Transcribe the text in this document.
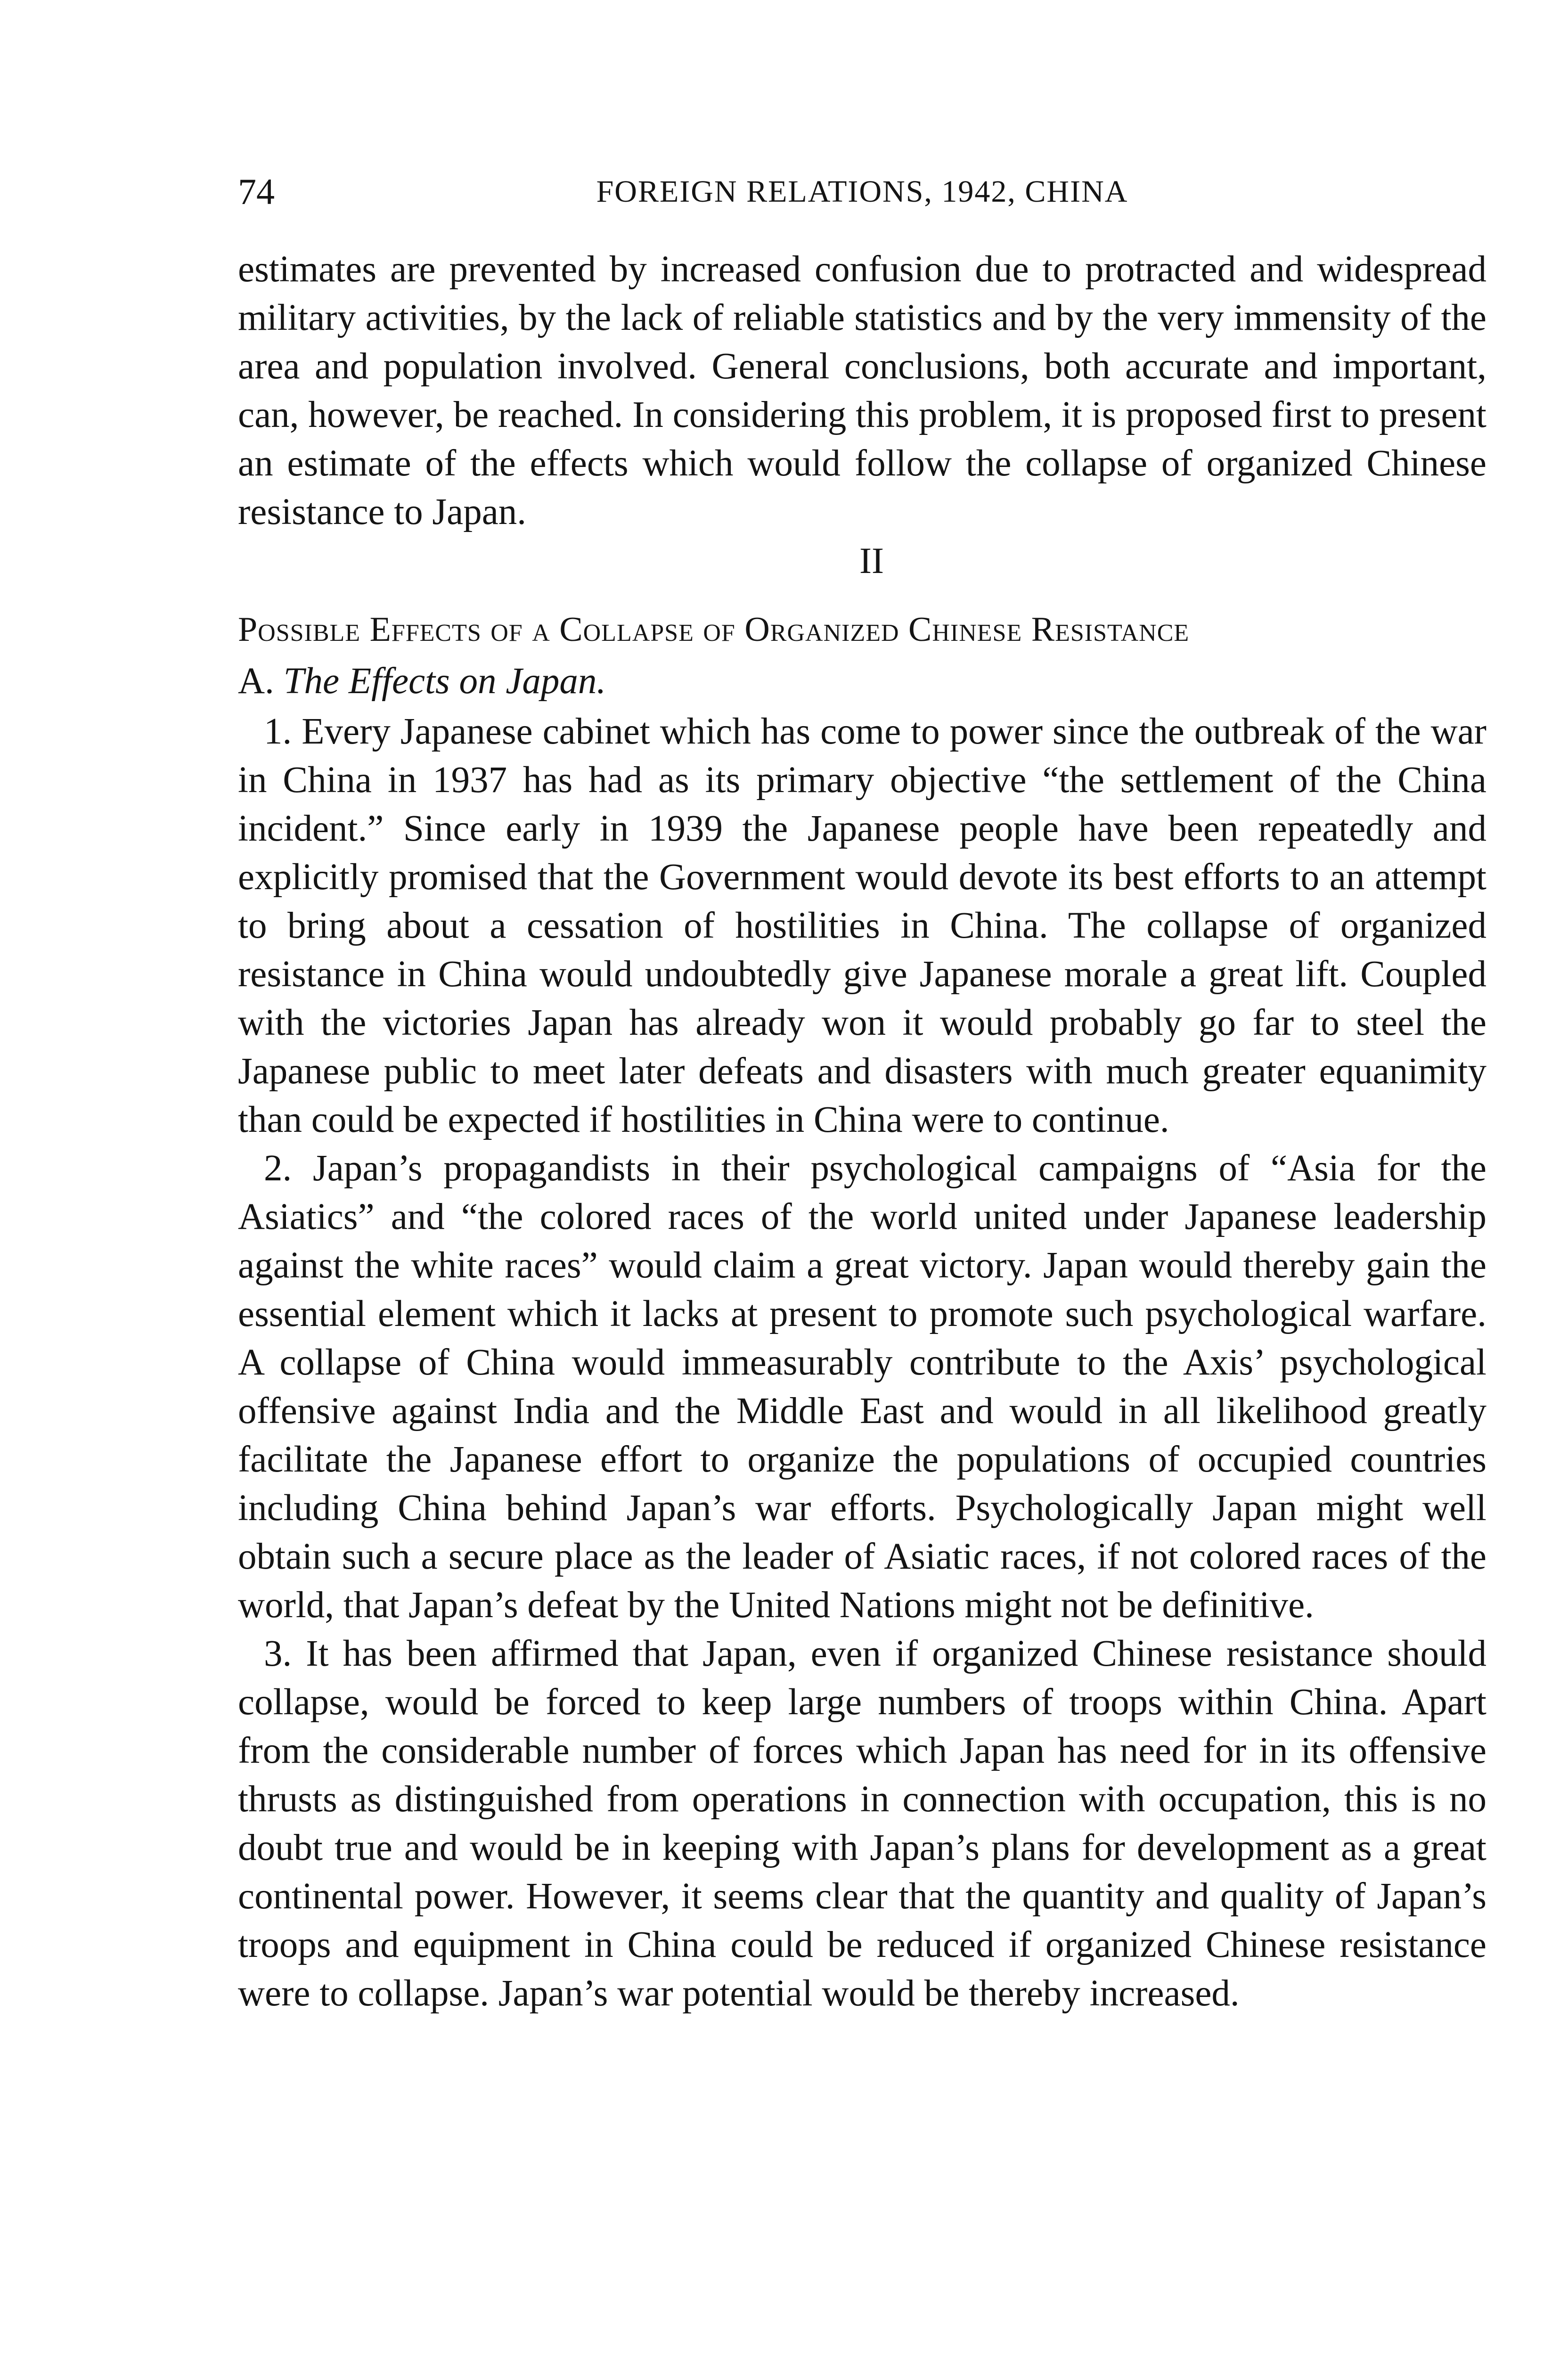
74	FOREIGN RELATIONS, 1942, CHINA

estimates are prevented by increased confusion due to protracted and widespread military activities, by the lack of reliable statistics and by the very immensity of the area and population involved. General conclusions, both accurate and important, can, however, be reached. In considering this problem, it is proposed first to present an estimate of the effects which would follow the collapse of organized Chinese resistance to Japan.

II
Possible Effects of a Collapse of Organized Chinese Resistance
A. The Effects on Japan.

1. Every Japanese cabinet which has come to power since the outbreak of the war in China in 1937 has had as its primary objective “the settlement of the China incident.” Since early in 1939 the Japanese people have been repeatedly and explicitly promised that the Government would devote its best efforts to an attempt to bring about a cessation of hostilities in China. The collapse of organized resistance in China would undoubtedly give Japanese morale a great lift. Coupled with the victories Japan has already won it would probably go far to steel the Japanese public to meet later defeats and disasters with much greater equanimity than could be expected if hostilities in China were to continue.

2. Japan’s propagandists in their psychological campaigns of “Asia for the Asiatics” and “the colored races of the world united under Japanese leadership against the white races” would claim a great victory. Japan would thereby gain the essential element which it lacks at present to promote such psychological warfare. A collapse of China would immeasurably contribute to the Axis’ psychological offensive against India and the Middle East and would in all likelihood greatly facilitate the Japanese effort to organize the populations of occupied countries including China behind Japan’s war efforts. Psychologically Japan might well obtain such a secure place as the leader of Asiatic races, if not colored races of the world, that Japan’s defeat by the United Nations might not be definitive.

3. It has been affirmed that Japan, even if organized Chinese resistance should collapse, would be forced to keep large numbers of troops within China. Apart from the considerable number of forces which Japan has need for in its offensive thrusts as distinguished from operations in connection with occupation, this is no doubt true and would be in keeping with Japan’s plans for development as a great continental power. However, it seems clear that the quantity and quality of Japan’s troops and equipment in China could be reduced if organized Chinese resistance were to collapse. Japan’s war potential would be thereby increased.
